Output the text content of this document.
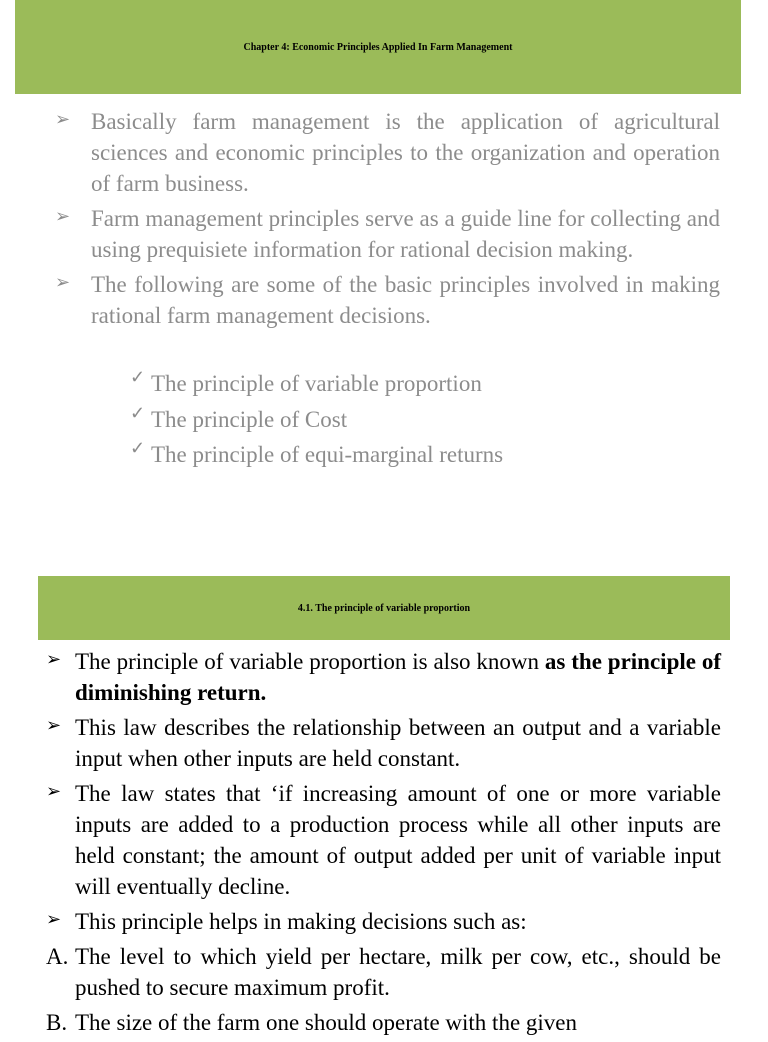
Chapter 4: Economic Principles Applied In Farm Management
➢ Basically farm management is the application of agricultural sciences and economic principles to the organization and operation of farm business.
➢ Farm management principles serve as a guide line for collecting and using prequisiete information for rational decision making.
➢ The following are some of the basic principles involved in making rational farm management decisions.
✓ The principle of variable proportion
✓ The principle of Cost
✓ The principle of equi-marginal returns
4.1. The principle of variable proportion
➢ The principle of variable proportion is also known as the principle of diminishing return.
➢ This law describes the relationship between an output and a variable input when other inputs are held constant.
➢ The law states that ‘if increasing amount of one or more variable inputs are added to a production process while all other inputs are held constant; the amount of output added per unit of variable input will eventually decline.
➢ This principle helps in making decisions such as:
A. The level to which yield per hectare, milk per cow, etc., should be pushed to secure maximum profit.
B. The size of the farm one should operate with the given
